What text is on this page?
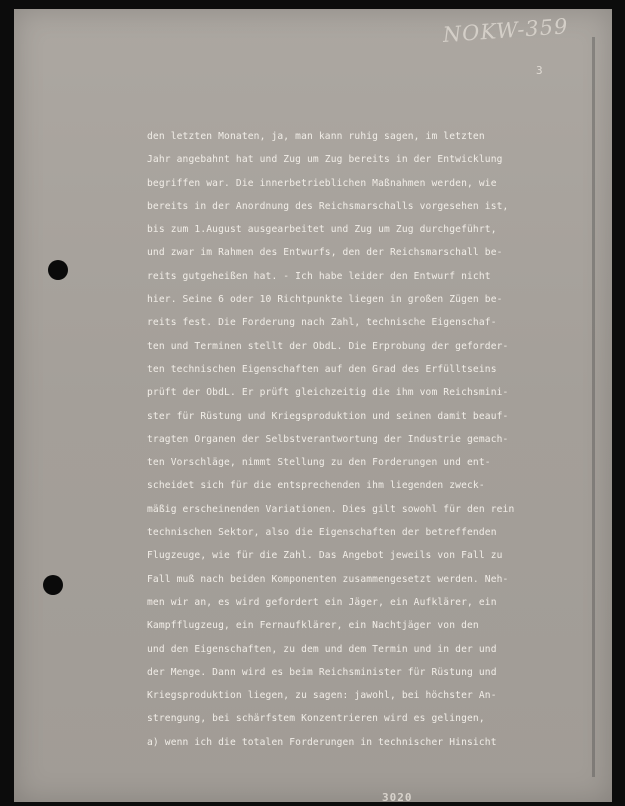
NOKW-359
3
den letzten Monaten, ja, man kann ruhig sagen, im letzten
Jahr angebahnt hat und Zug um Zug bereits in der Entwicklung
begriffen war. Die innerbetrieblichen Maßnahmen werden, wie
bereits in der Anordnung des Reichsmarschalls vorgesehen ist,
bis zum 1.August ausgearbeitet und Zug um Zug durchgeführt,
und zwar im Rahmen des Entwurfs, den der Reichsmarschall be-
reits gutgeheißen hat. - Ich habe leider den Entwurf nicht
hier. Seine 6 oder 10 Richtpunkte liegen in großen Zügen be-
reits fest. Die Forderung nach Zahl, technische Eigenschaf-
ten und Terminen stellt der ObdL. Die Erprobung der geforder-
ten technischen Eigenschaften auf den Grad des Erfülltseins
prüft der ObdL. Er prüft gleichzeitig die ihm vom Reichsmini-
ster für Rüstung und Kriegsproduktion und seinen damit beauf-
tragten Organen der Selbstverantwortung der Industrie gemach-
ten Vorschläge, nimmt Stellung zu den Forderungen und ent-
scheidet sich für die entsprechenden ihm liegenden zweck-
mäßig erscheinenden Variationen. Dies gilt sowohl für den rein
technischen Sektor, also die Eigenschaften der betreffenden
Flugzeuge, wie für die Zahl. Das Angebot jeweils von Fall zu
Fall muß nach beiden Komponenten zusammengesetzt werden. Neh-
men wir an, es wird gefordert ein Jäger, ein Aufklärer, ein
Kampfflugzeug, ein Fernaufklärer, ein Nachtjäger von den
und den Eigenschaften, zu dem und dem Termin und in der und
der Menge. Dann wird es beim Reichsminister für Rüstung und
Kriegsproduktion liegen, zu sagen: jawohl, bei höchster An-
strengung, bei schärfstem Konzentrieren wird es gelingen,
a) wenn ich die totalen Forderungen in technischer Hinsicht
3020
